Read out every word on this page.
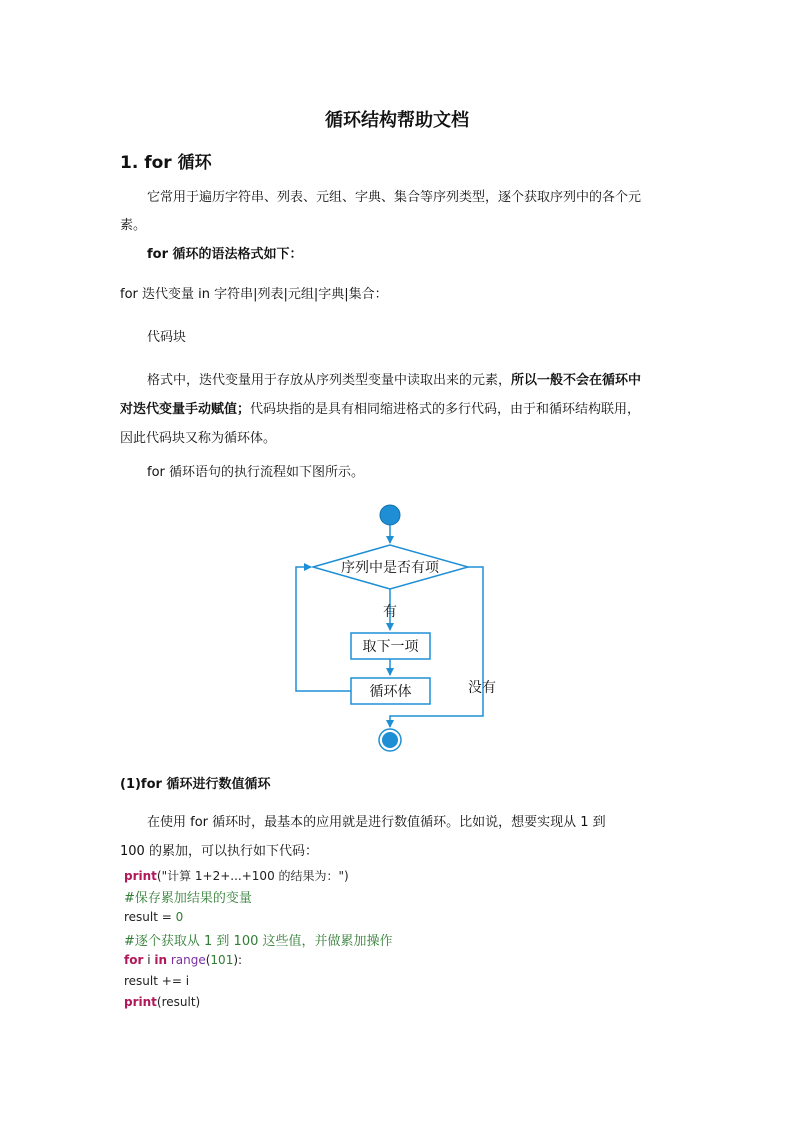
循环结构帮助文档
1. for 循环
它常用于遍历字符串、列表、元组、字典、集合等序列类型，逐个获取序列中的各个元
素。
for 循环的语法格式如下：
for 迭代变量 in 字符串|列表|元组|字典|集合：
代码块
格式中，迭代变量用于存放从序列类型变量中读取出来的元素，所以一般不会在循环中
对迭代变量手动赋值；代码块指的是具有相同缩进格式的多行代码，由于和循环结构联用，
因此代码块又称为循环体。
for 循环语句的执行流程如下图所示。
序列中是否有项
有
取下一项
循环体	没有
(1)for 循环进行数值循环
在使用 for 循环时，最基本的应用就是进行数值循环。比如说，想要实现从 1 到
100 的累加，可以执行如下代码：
print("计算 1+2+...+100 的结果为：")
#保存累加结果的变量
result = 0
#逐个获取从 1 到 100 这些值，并做累加操作
for i in range(101):
result += i
print(result)
